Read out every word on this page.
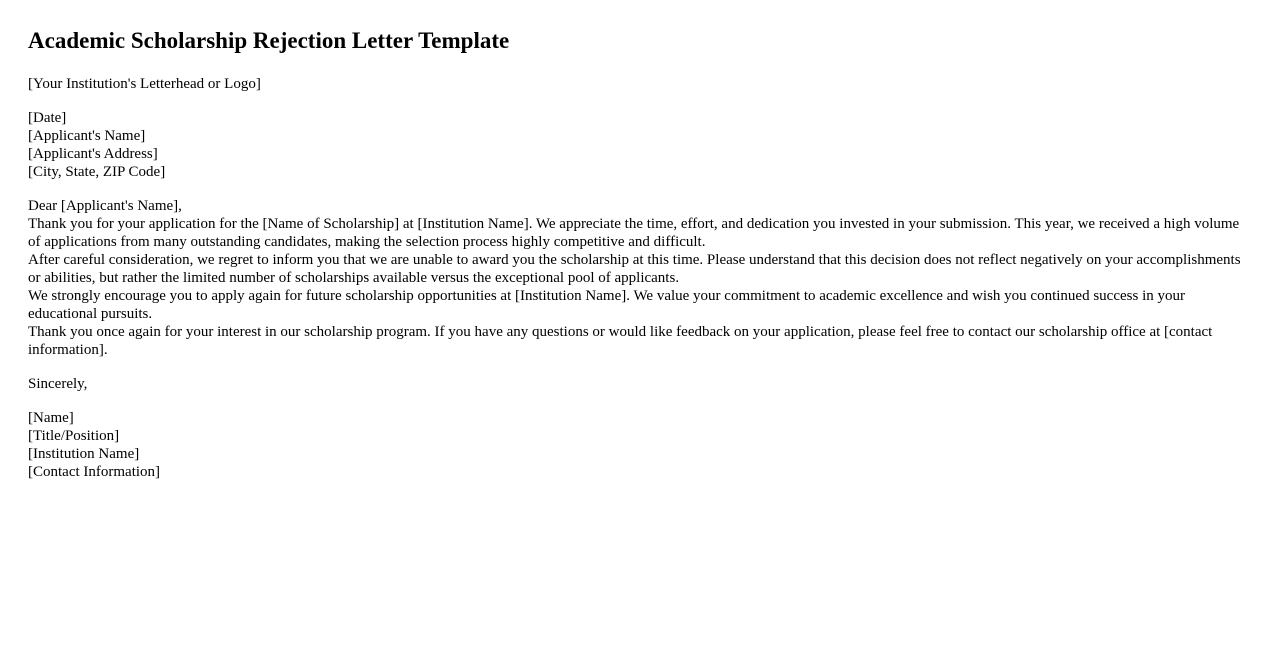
Academic Scholarship Rejection Letter Template
[Your Institution's Letterhead or Logo]
[Date]
[Applicant's Name]
[Applicant's Address]
[City, State, ZIP Code]
Dear [Applicant's Name],

Thank you for your application for the [Name of Scholarship] at [Institution Name]. We appreciate the time, effort, and dedication you invested in your submission. This year, we received a high volume of applications from many outstanding candidates, making the selection process highly competitive and difficult.

After careful consideration, we regret to inform you that we are unable to award you the scholarship at this time. Please understand that this decision does not reflect negatively on your accomplishments or abilities, but rather the limited number of scholarships available versus the exceptional pool of applicants.

We strongly encourage you to apply again for future scholarship opportunities at [Institution Name]. We value your commitment to academic excellence and wish you continued success in your educational pursuits.

Thank you once again for your interest in our scholarship program. If you have any questions or would like feedback on your application, please feel free to contact our scholarship office at [contact information].

Sincerely,
[Name]
[Title/Position]
[Institution Name]
[Contact Information]
